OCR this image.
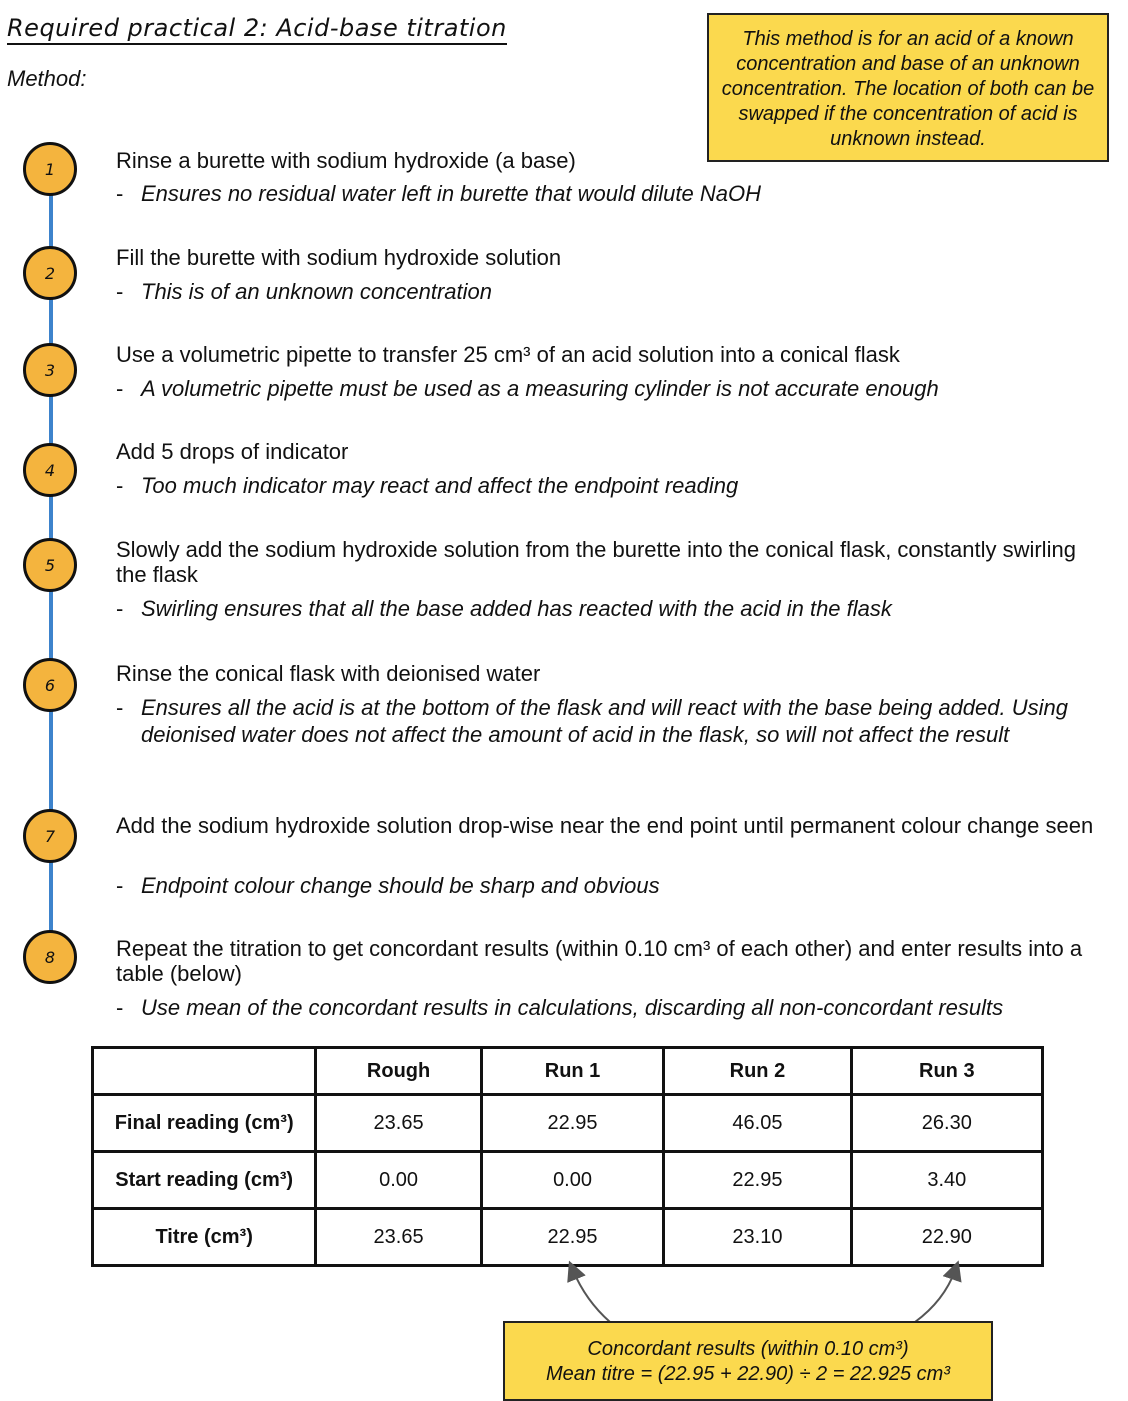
Required practical 2: Acid-base titration
Method:
This method is for an acid of a known concentration and base of an unknown concentration. The location of both can be swapped if the concentration of acid is unknown instead.
1	Rinse a burette with sodium hydroxide (a base)
- Ensures no residual water left in burette that would dilute NaOH
2
Fill the burette with sodium hydroxide solution
- This is of an unknown concentration
3
Use a volumetric pipette to transfer 25 cm³ of an acid solution into a conical flask
- A volumetric pipette must be used as a measuring cylinder is not accurate enough
4
Add 5 drops of indicator
- Too much indicator may react and affect the endpoint reading
5
Slowly add the sodium hydroxide solution from the burette into the conical flask, constantly swirling the flask
- Swirling ensures that all the base added has reacted with the acid in the flask
6	Rinse the conical flask with deionised water
- Ensures all the acid is at the bottom of the flask and will react with the base being added. Using deionised water does not affect the amount of acid in the flask, so will not affect the result
7	Add the sodium hydroxide solution drop-wise near the end point until permanent colour change seen
- Endpoint colour change should be sharp and obvious
8	Repeat the titration to get concordant results (within 0.10 cm³ of each other) and enter results into a table (below)
- Use mean of the concordant results in calculations, discarding all non-concordant results
	Rough	Run 1	Run 2	Run 3
Final reading (cm³)	23.65	22.95	46.05	26.30
Start reading (cm³)	0.00	0.00	22.95	3.40
Titre (cm³)	23.65	22.95	23.10	22.90
Concordant results (within 0.10 cm³)
Mean titre = (22.95 + 22.90) ÷ 2 = 22.925 cm³
